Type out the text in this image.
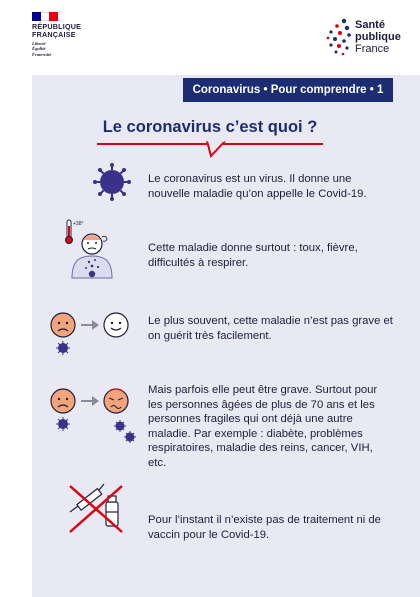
RÉPUBLIQUE
FRANÇAISE
Liberté
Égalité
Fraternité
Santé
publique
France
Coronavirus • Pour comprendre • 1
Le coronavirus c’est quoi ?
Le coronavirus est un virus. Il donne une nouvelle maladie qu’on appelle le Covid-19.
+38°
Cette maladie donne surtout : toux, fièvre, difficultés à respirer.
Le plus souvent, cette maladie n’est pas grave et on guérit très facilement.
Mais parfois elle peut être grave. Surtout pour les personnes âgées de plus de 70 ans et les personnes fragiles qui ont déjà une autre maladie. Par exemple : diabète, problèmes respiratoires, maladie des reins, cancer, VIH, etc.
Pour l’instant il n’existe pas de traitement ni de vaccin pour le Covid-19.
